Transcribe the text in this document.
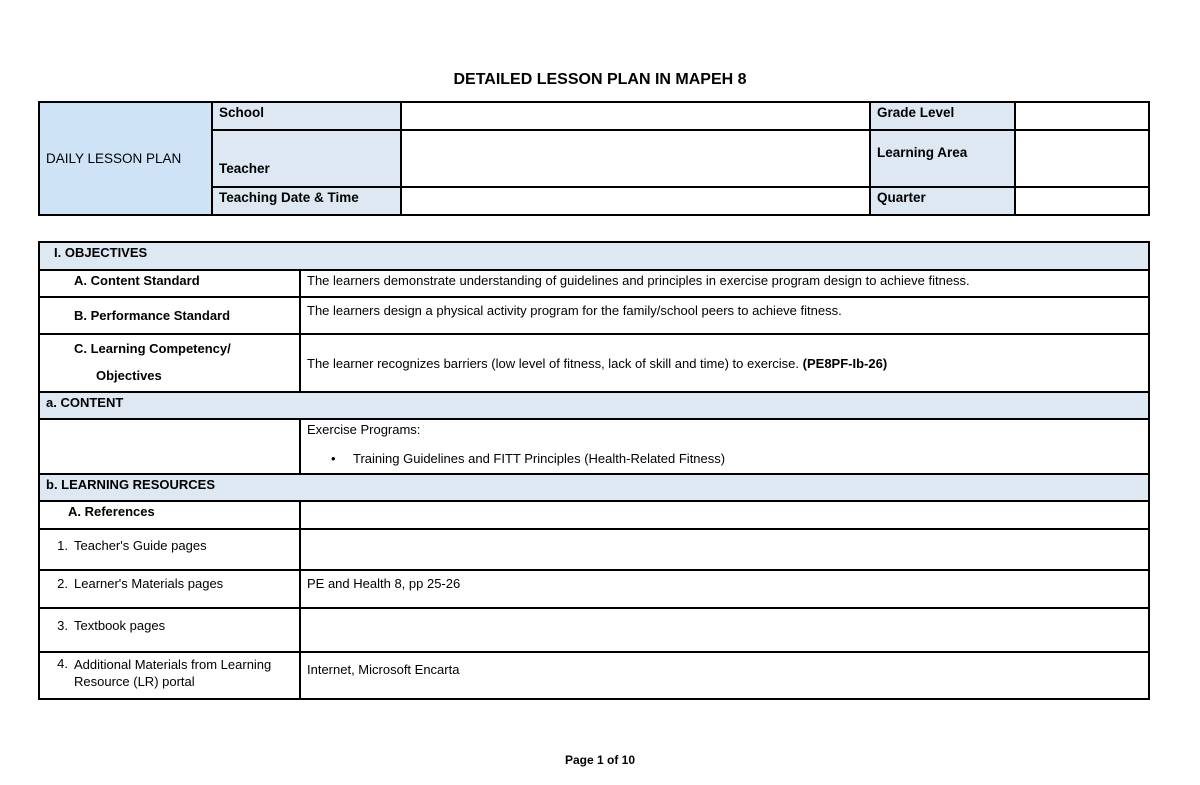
DETAILED LESSON PLAN IN MAPEH 8
DAILY LESSON PLAN	School		Grade Level	
	Teacher		Learning Area	
	Teaching Date & Time		Quarter	
I. OBJECTIVES	
A. Content Standard	The learners demonstrate understanding of guidelines and principles in exercise program design to achieve fitness.
B. Performance Standard	The learners design a physical activity program for the family/school peers to achieve fitness.

C. Learning Competency/
Objectives	The learner recognizes barriers (low level of fitness, lack of skill and time) to exercise. (PE8PF-Ib-26)
a. CONTENT	

	Exercise Programs:
• Training Guidelines and FITT Principles (Health-Related Fitness)

b. LEARNING RESOURCES	
A. References	
1. Teacher's Guide pages	
2. Learner's Materials pages	PE and Health 8, pp 25-26
3. Textbook pages	

4. Additional Materials from Learning Resource (LR) portal	Internet, Microsoft Encarta
Page 1 of 10
